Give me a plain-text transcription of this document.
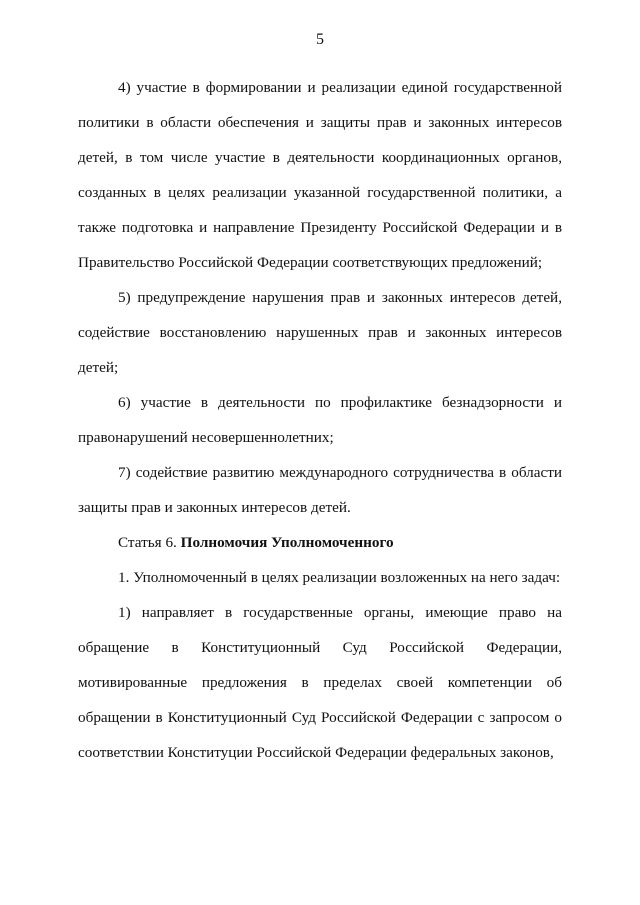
5

4) участие в формировании и реализации единой государственной политики в области обеспечения и защиты прав и законных интересов детей, в том числе участие в деятельности координационных органов, созданных в целях реализации указанной государственной политики, а также подготовка и направление Президенту Российской Федерации и в Правительство Российской Федерации соответствующих предложений;

5) предупреждение нарушения прав и законных интересов детей, содействие восстановлению нарушенных прав и законных интересов детей;

6) участие в деятельности по профилактике безнадзорности и правонарушений несовершеннолетних;

7) содействие развитию международного сотрудничества в области защиты прав и законных интересов детей.

Статья 6. Полномочия Уполномоченного

1. Уполномоченный в целях реализации возложенных на него задач:

1) направляет в государственные органы, имеющие право на обращение в Конституционный Суд Российской Федерации, мотивированные предложения в пределах своей компетенции об обращении в Конституционный Суд Российской Федерации с запросом о соответствии Конституции Российской Федерации федеральных законов,
